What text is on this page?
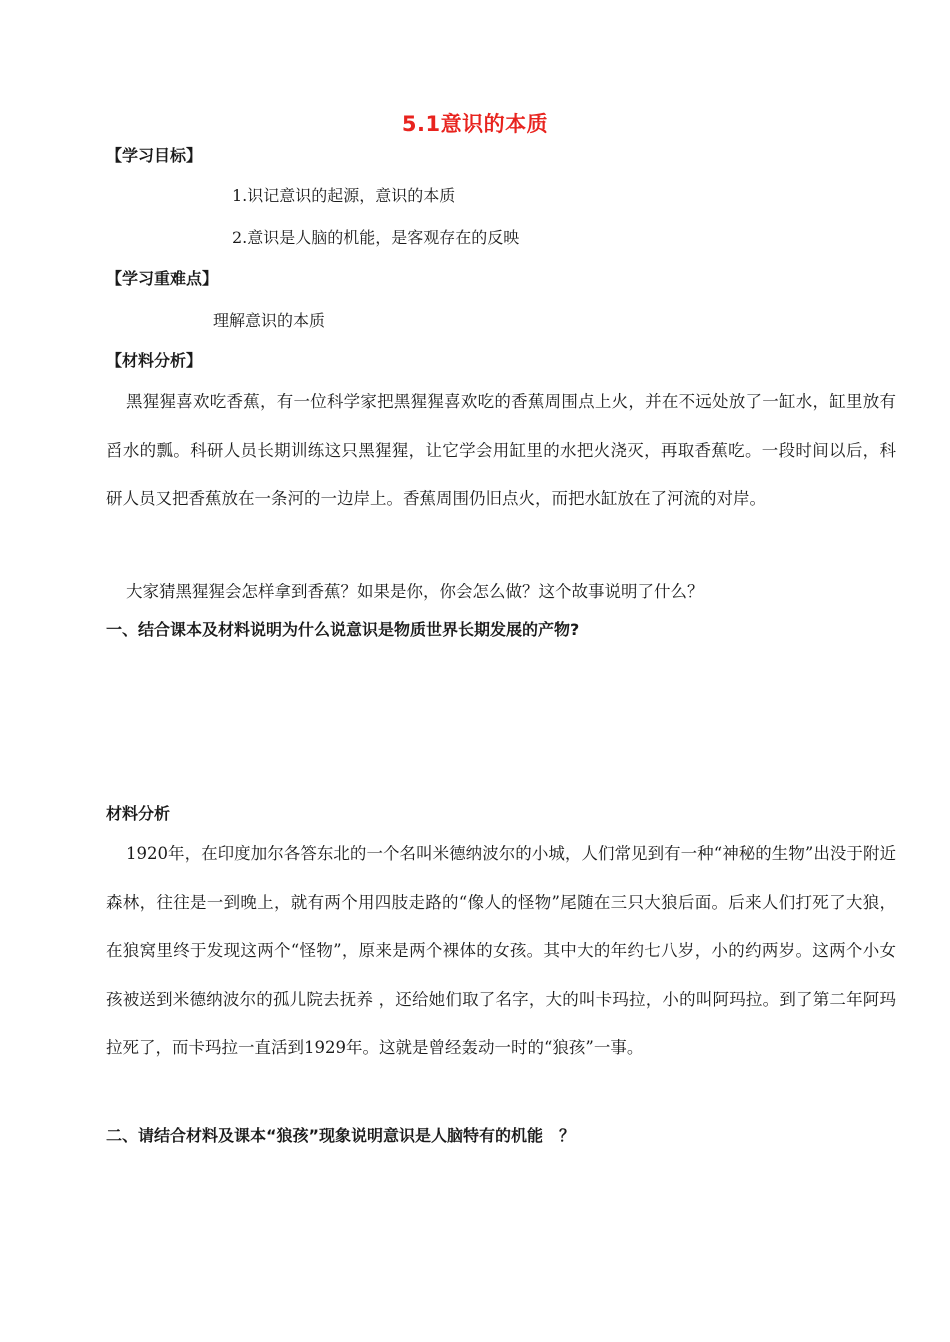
5.1意识的本质
【学习目标】
1.识记意识的起源，意识的本质
2.意识是人脑的机能，是客观存在的反映
【学习重难点】
理解意识的本质
【材料分析】
黑猩猩喜欢吃香蕉，有一位科学家把黑猩猩喜欢吃的香蕉周围点上火，并在不远处放了一缸水，缸里放有舀水的瓢。科研人员长期训练这只黑猩猩，让它学会用缸里的水把火浇灭，再取香蕉吃。一段时间以后，科研人员又把香蕉放在一条河的一边岸上。香蕉周围仍旧点火，而把水缸放在了河流的对岸。
大家猜黑猩猩会怎样拿到香蕉？如果是你，你会怎么做？这个故事说明了什么？
一、结合课本及材料说明为什么说意识是物质世界长期发展的产物?
材料分析
1920年，在印度加尔各答东北的一个名叫米德纳波尔的小城，人们常见到有一种“神秘的生物”出没于附近森林，往往是一到晚上，就有两个用四肢走路的“像人的怪物”尾随在三只大狼后面。后来人们打死了大狼，在狼窝里终于发现这两个“怪物”，原来是两个裸体的女孩。其中大的年约七八岁，小的约两岁。这两个小女孩被送到米德纳波尔的孤儿院去抚养 ，还给她们取了名字，大的叫卡玛拉，小的叫阿玛拉。到了第二年阿玛拉死了，而卡玛拉一直活到1929年。这就是曾经轰动一时的“狼孩”一事。
二、请结合材料及课本“狼孩”现象说明意识是人脑特有的机能　？
